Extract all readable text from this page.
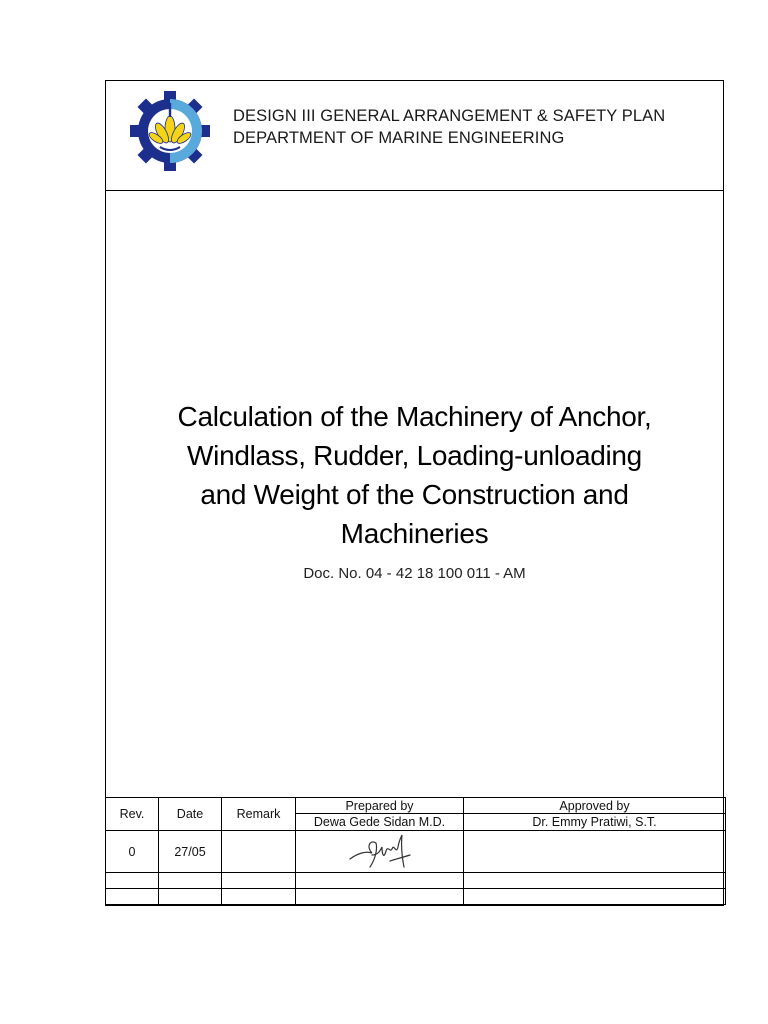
DESIGN III GENERAL ARRANGEMENT & SAFETY PLAN
DEPARTMENT OF MARINE ENGINEERING
Calculation of the Machinery of Anchor,
Windlass, Rudder, Loading-unloading
and Weight of the Construction and
Machineries
Doc. No. 04 - 42 18 100 011 - AM
Rev.	Date	Remark	Prepared by	Approved by
			Dewa Gede Sidan M.D.	Dr. Emmy Pratiwi, S.T.
0	27/05		
